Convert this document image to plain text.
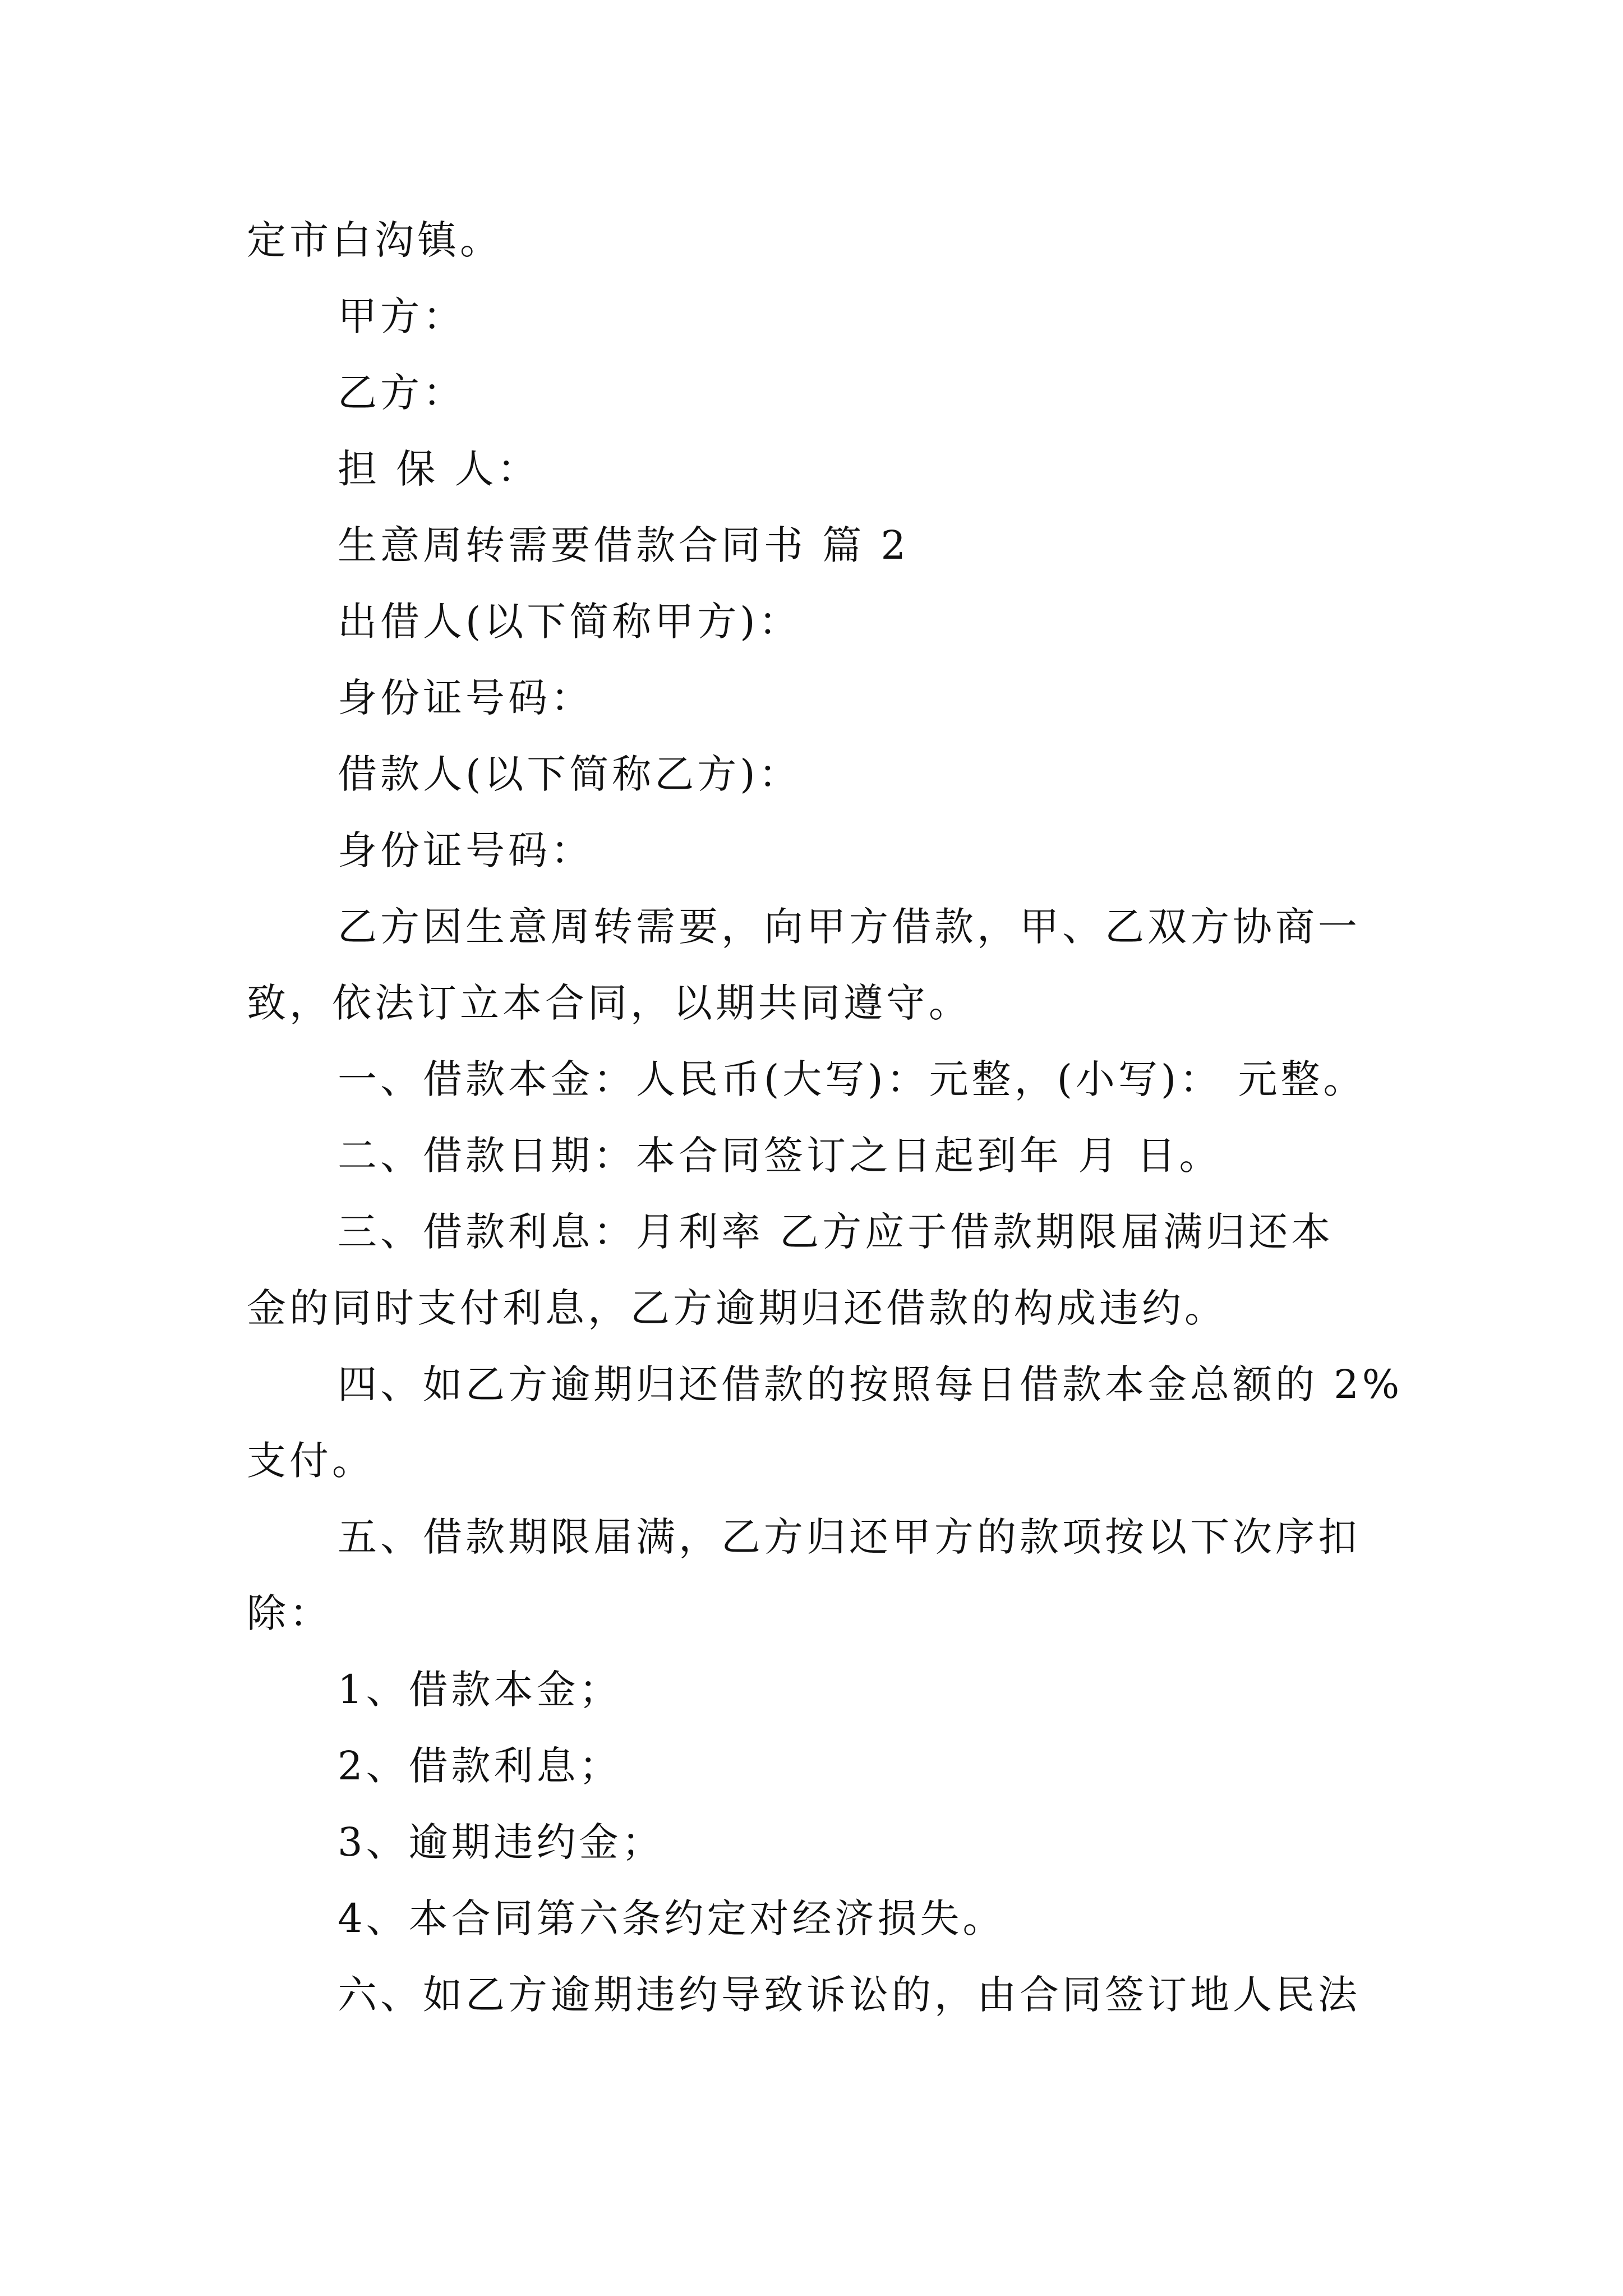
定市白沟镇。
甲方：
乙方：
担 保 人：
生意周转需要借款合同书 篇 2
出借人(以下简称甲方)：
身份证号码：
借款人(以下简称乙方)：
身份证号码：
乙方因生意周转需要，向甲方借款，甲、乙双方协商一
致，依法订立本合同，以期共同遵守。
一、借款本金：人民币(大写)：元整，(小写)： 元整。
二、借款日期：本合同签订之日起到年 月 日。
三、借款利息：月利率 乙方应于借款期限届满归还本
金的同时支付利息，乙方逾期归还借款的构成违约。
四、如乙方逾期归还借款的按照每日借款本金总额的 2%
支付。
五、借款期限届满，乙方归还甲方的款项按以下次序扣
除：
1、借款本金；
2、借款利息；
3、逾期违约金；
4、本合同第六条约定对经济损失。
六、如乙方逾期违约导致诉讼的，由合同签订地人民法
